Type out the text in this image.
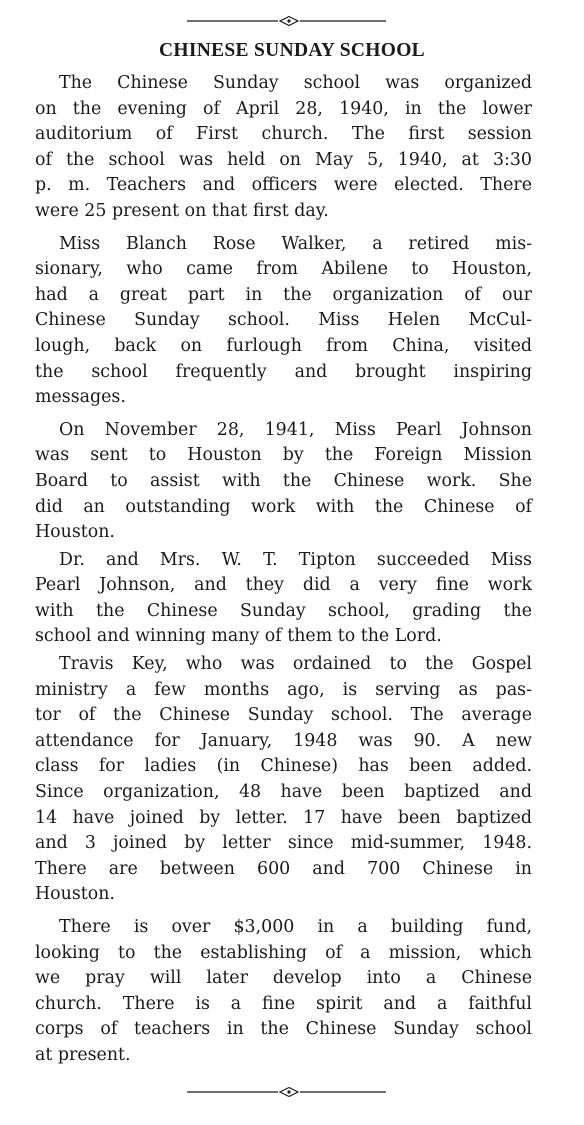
CHINESE SUNDAY SCHOOL

The Chinese Sunday school was organized
on the evening of April 28, 1940, in the lower
auditorium of First church. The first session
of the school was held on May 5, 1940, at 3:30
p. m. Teachers and officers were elected. There
were 25 present on that first day.

Miss Blanch Rose Walker, a retired mis-
sionary, who came from Abilene to Houston,
had a great part in the organization of our
Chinese Sunday school. Miss Helen McCul-
lough, back on furlough from China, visited
the school frequently and brought inspiring
messages.

On November 28, 1941, Miss Pearl Johnson
was sent to Houston by the Foreign Mission
Board to assist with the Chinese work. She
did an outstanding work with the Chinese of
Houston.

Dr. and Mrs. W. T. Tipton succeeded Miss
Pearl Johnson, and they did a very fine work
with the Chinese Sunday school, grading the
school and winning many of them to the Lord.

Travis Key, who was ordained to the Gospel
ministry a few months ago, is serving as pas-
tor of the Chinese Sunday school. The average
attendance for January, 1948 was 90. A new
class for ladies (in Chinese) has been added.
Since organization, 48 have been baptized and
14 have joined by letter. 17 have been baptized
and 3 joined by letter since mid-summer, 1948.
There are between 600 and 700 Chinese in
Houston.

There is over $3,000 in a building fund,
looking to the establishing of a mission, which
we pray will later develop into a Chinese
church. There is a fine spirit and a faithful
corps of teachers in the Chinese Sunday school
at present.
